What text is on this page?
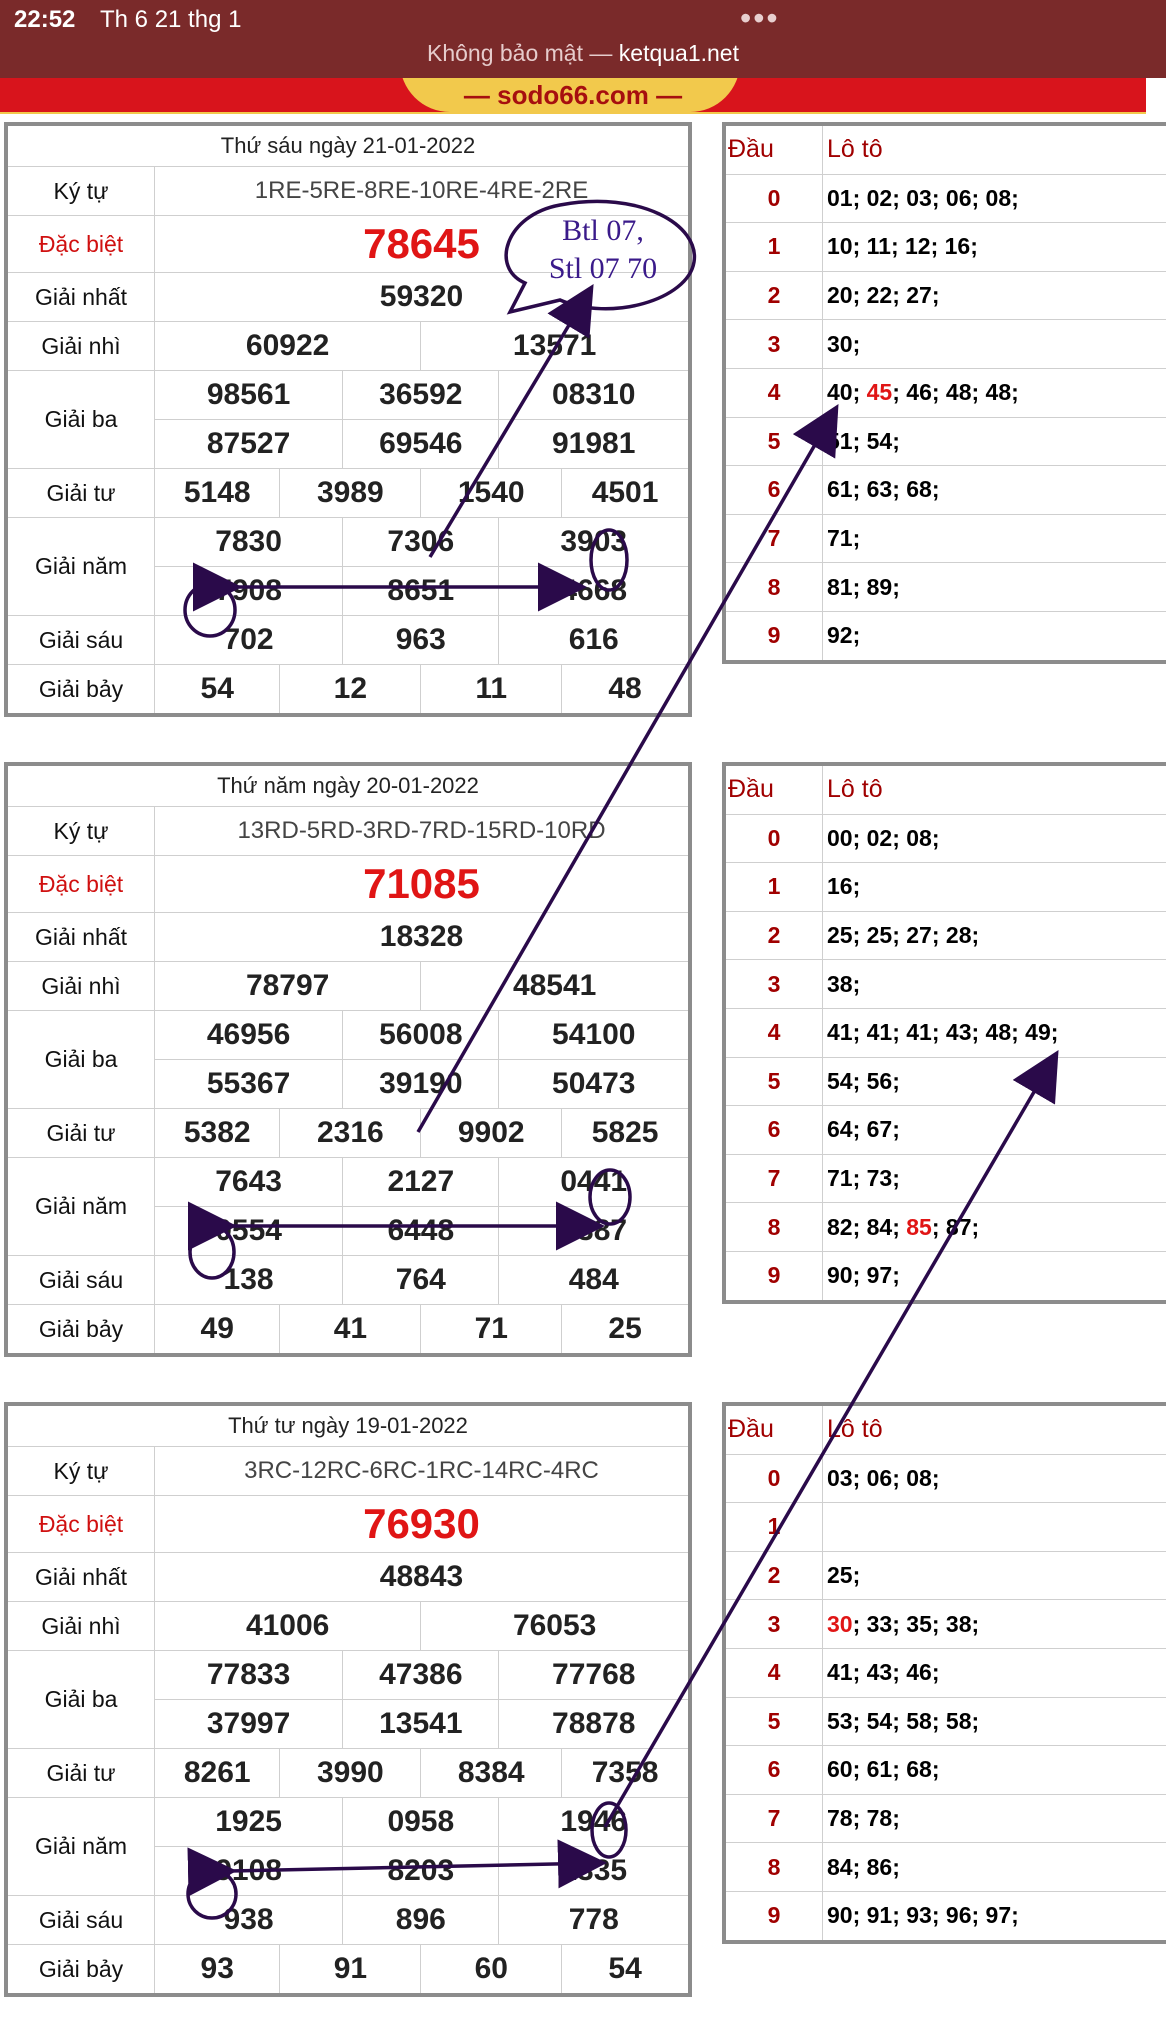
22:52 Th 6 21 thg 1	•••
Không bảo mật — ketqua1.net
— sodo66.com —
Thứ sáu ngày 21-01-2022						
Ký tự	1RE-5RE-8RE-10RE-4RE-2RE					
Đặc biệt	78645					
Giải nhất	59320					
Giải nhì	60922			13571		
Giải ba	98561		36592		08310	
	87527		69546		91981	
Giải tư	5148	3989		1540		4501
Giải năm	7830		7306		3903	
	7908		8651		4668	
Giải sáu	702		963		616	
Giải bảy	54	12		11		48
Đầu	Lô tô
0	01; 02; 03; 06; 08;
1	10; 11; 12; 16;
2	20; 22; 27;
3	30;
4	40; 45; 46; 48; 48;
5	51; 54;
6	61; 63; 68;
7	71;
8	81; 89;
9	92;
Thứ năm ngày 20-01-2022						
Ký tự	13RD-5RD-3RD-7RD-15RD-10RD					
Đặc biệt	71085					
Giải nhất	18328					
Giải nhì	78797			48541		
Giải ba	46956		56008		54100	
	55367		39190		50473	
Giải tư	5382	2316		9902		5825
Giải năm	7643		2127		0441	
	0554		6448		9387	
Giải sáu	138		764		484	
Giải bảy	49	41		71		25
Đầu	Lô tô
0	00; 02; 08;
1	16;
2	25; 25; 27; 28;
3	38;
4	41; 41; 41; 43; 48; 49;
5	54; 56;
6	64; 67;
7	71; 73;
8	82; 84; 85; 87;
9	90; 97;
Thứ tư ngày 19-01-2022						
Ký tự	3RC-12RC-6RC-1RC-14RC-4RC					
Đặc biệt	76930					
Giải nhất	48843					
Giải nhì	41006			76053		
Giải ba	77833		47386		77768	
	37997		13541		78878	
Giải tư	8261	3990		8384		7358
Giải năm	1925		0958		1946	
	9108		8203		1335	
Giải sáu	938		896		778	
Giải bảy	93	91		60		54
Đầu	Lô tô
0	03; 06; 08;
1	
2	25;
3	30; 33; 35; 38;
4	41; 43; 46;
5	53; 54; 58; 58;
6	60; 61; 68;
7	78; 78;
8	84; 86;
9	90; 91; 93; 96; 97;
Btl 07,
Stl 07 70
